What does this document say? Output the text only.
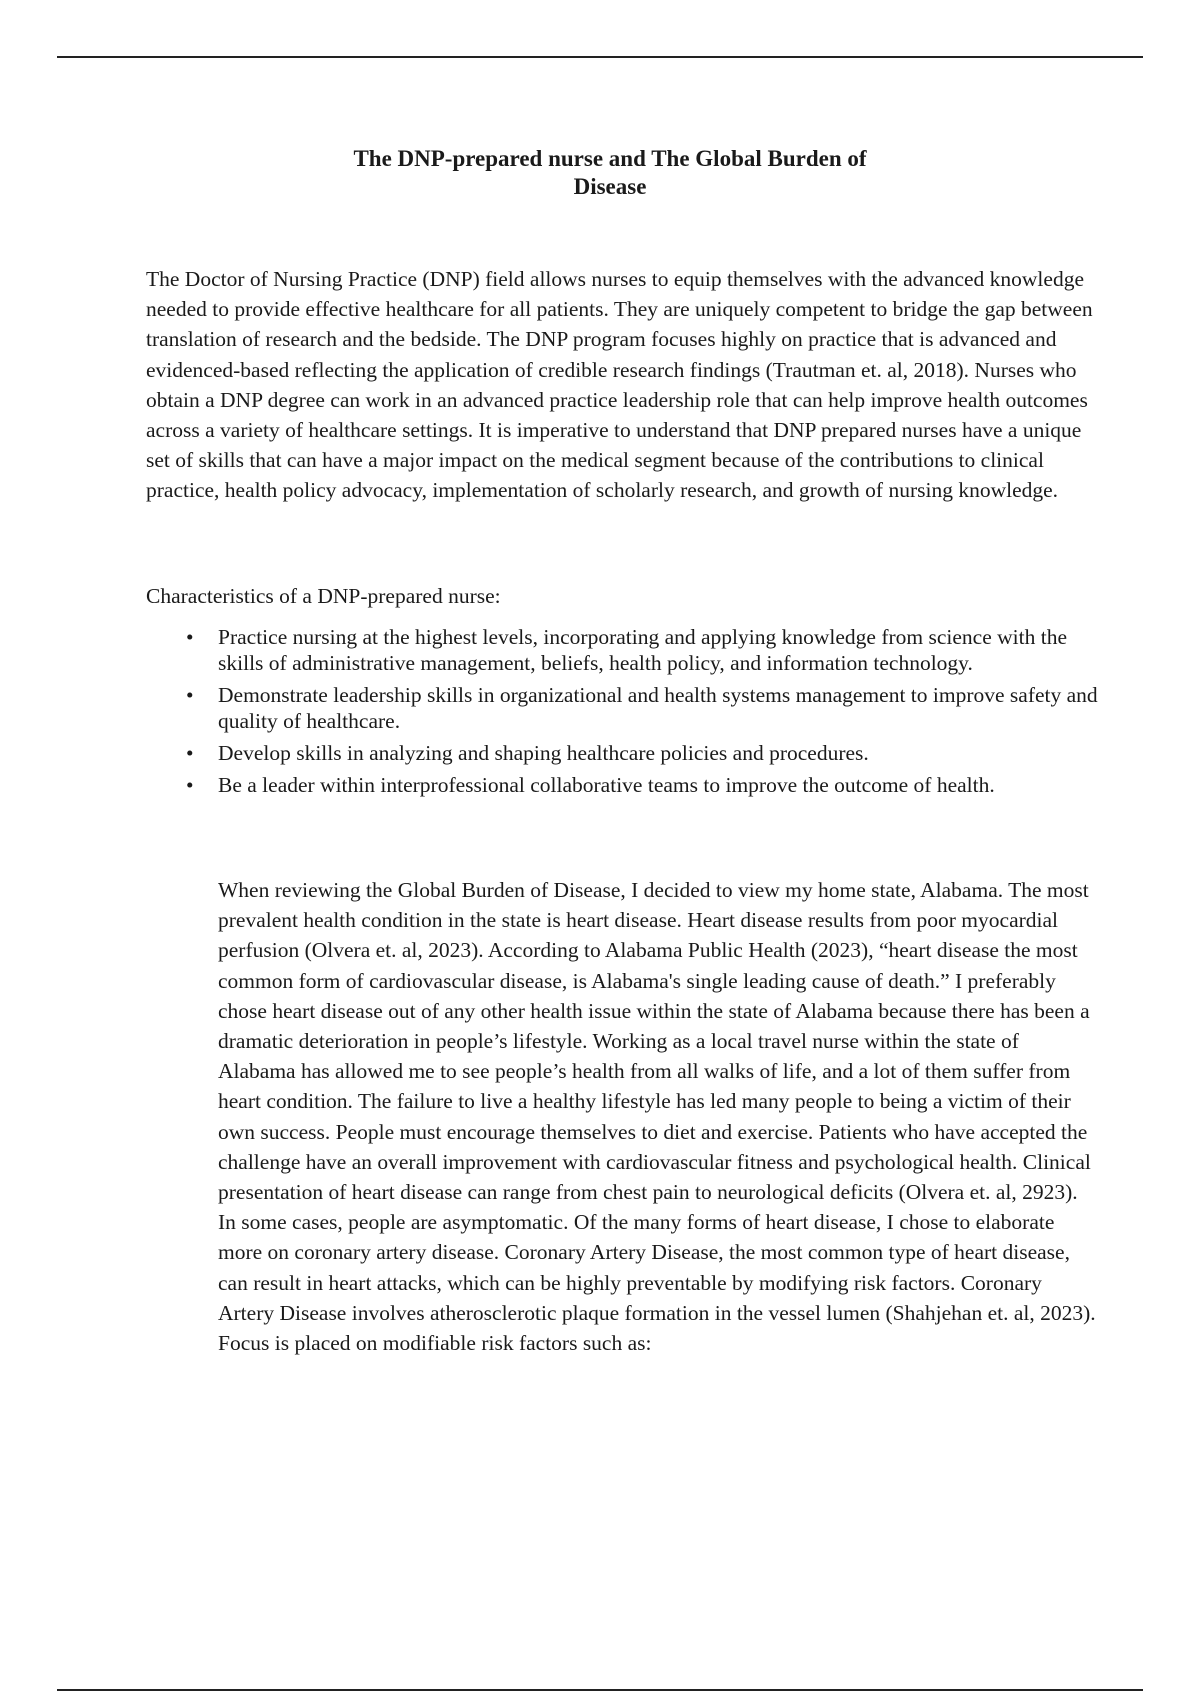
The DNP-prepared nurse and The Global Burden of Disease

The Doctor of Nursing Practice (DNP) field allows nurses to equip themselves with the advanced knowledge needed to provide effective healthcare for all patients. They are uniquely competent to bridge the gap between translation of research and the bedside. The DNP program focuses highly on practice that is advanced and evidenced-based reflecting the application of credible research findings (Trautman et. al, 2018). Nurses who obtain a DNP degree can work in an advanced practice leadership role that can help improve health outcomes across a variety of healthcare settings. It is imperative to understand that DNP prepared nurses have a unique set of skills that can have a major impact on the medical segment because of the contributions to clinical practice, health policy advocacy, implementation of scholarly research, and growth of nursing knowledge.

Characteristics of a DNP-prepared nurse:

• Practice nursing at the highest levels, incorporating and applying knowledge from science with the skills of administrative management, beliefs, health policy, and information technology.
• Demonstrate leadership skills in organizational and health systems management to improve safety and quality of healthcare.
• Develop skills in analyzing and shaping healthcare policies and procedures.
• Be a leader within interprofessional collaborative teams to improve the outcome of health.

When reviewing the Global Burden of Disease, I decided to view my home state, Alabama. The most prevalent health condition in the state is heart disease. Heart disease results from poor myocardial perfusion (Olvera et. al, 2023). According to Alabama Public Health (2023), “heart disease the most common form of cardiovascular disease, is Alabama's single leading cause of death.” I preferably chose heart disease out of any other health issue within the state of Alabama because there has been a dramatic deterioration in people’s lifestyle. Working as a local travel nurse within the state of Alabama has allowed me to see people’s health from all walks of life, and a lot of them suffer from heart condition. The failure to live a healthy lifestyle has led many people to being a victim of their own success. People must encourage themselves to diet and exercise. Patients who have accepted the challenge have an overall improvement with cardiovascular fitness and psychological health. Clinical presentation of heart disease can range from chest pain to neurological deficits (Olvera et. al, 2923). In some cases, people are asymptomatic. Of the many forms of heart disease, I chose to elaborate more on coronary artery disease. Coronary Artery Disease, the most common type of heart disease, can result in heart attacks, which can be highly preventable by modifying risk factors. Coronary Artery Disease involves atherosclerotic plaque formation in the vessel lumen (Shahjehan et. al, 2023). Focus is placed on modifiable risk factors such as:
